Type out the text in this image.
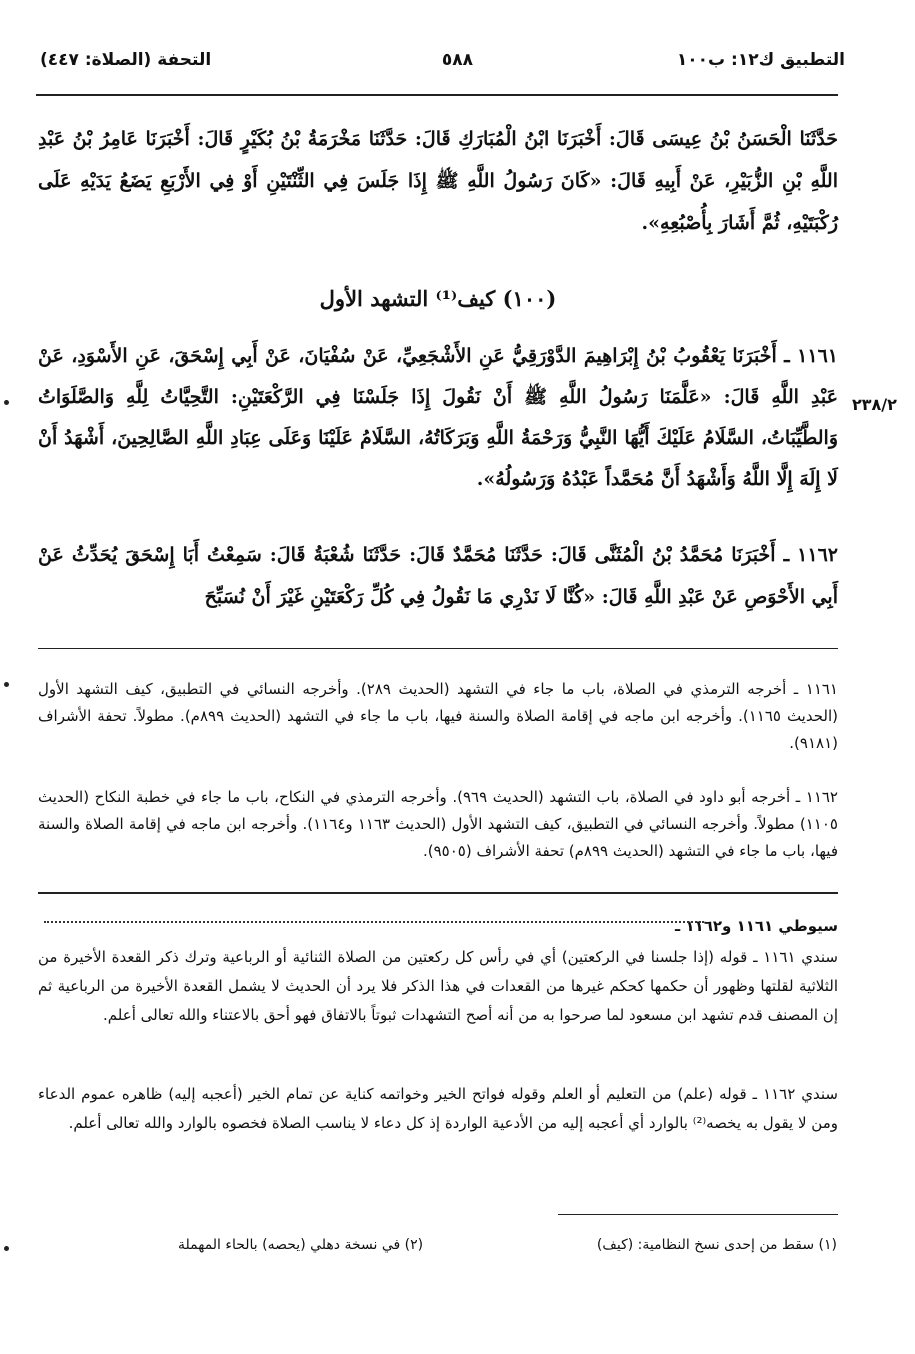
التطبيق ك١٢: ب١٠٠
٥٨٨
التحفة (الصلاة: ٤٤٧)

حَدَّثَنَا الْحَسَنُ بْنُ عِيسَى قَالَ: أَخْبَرَنَا ابْنُ الْمُبَارَكِ قَالَ: حَدَّثَنَا مَخْرَمَةُ بْنُ بُكَيْرٍ قَالَ: أَخْبَرَنَا عَامِرُ بْنُ عَبْدِ اللَّهِ بْنِ الزُّبَيْرِ، عَنْ أَبِيهِ قَالَ: «كَانَ رَسُولُ اللَّهِ ﷺ إِذَا جَلَسَ فِي الثِّنْتَيْنِ أَوْ فِي الأَرْبَعِ يَضَعُ يَدَيْهِ عَلَى رُكْبَتَيْهِ، ثُمَّ أَشَارَ بِأُصْبُعِهِ».

(١٠٠) كيف⁽¹⁾ التشهد الأول

١١٦١ ـ أَخْبَرَنَا يَعْقُوبُ بْنُ إِبْرَاهِيمَ الدَّوْرَقِيُّ عَنِ الأَشْجَعِيِّ، عَنْ سُفْيَانَ، عَنْ أَبِي إِسْحَقَ، عَنِ الأَسْوَدِ، عَنْ عَبْدِ اللَّهِ قَالَ: «عَلَّمَنَا رَسُولُ اللَّهِ ﷺ أَنْ نَقُولَ إِذَا جَلَسْنَا فِي الرَّكْعَتَيْنِ: التَّحِيَّاتُ لِلَّهِ وَالصَّلَوَاتُ وَالطَّيِّبَاتُ، السَّلَامُ عَلَيْكَ أَيُّهَا النَّبِيُّ وَرَحْمَةُ اللَّهِ وَبَرَكَاتُهُ، السَّلَامُ عَلَيْنَا وَعَلَى عِبَادِ اللَّهِ الصَّالِحِينَ، أَشْهَدُ أَنْ لَا إِلَهَ إِلَّا اللَّهُ وَأَشْهَدُ أَنَّ مُحَمَّداً عَبْدُهُ وَرَسُولُهُ».

٢٣٨/٢

١١٦٢ ـ أَخْبَرَنَا مُحَمَّدُ بْنُ الْمُثَنَّى قَالَ: حَدَّثَنَا مُحَمَّدٌ قَالَ: حَدَّثَنَا شُعْبَةُ قَالَ: سَمِعْتُ أَبَا إِسْحَقَ يُحَدِّثُ عَنْ أَبِي الأَحْوَصِ عَنْ عَبْدِ اللَّهِ قَالَ: «كُنَّا لَا نَدْرِي مَا نَقُولُ فِي كُلِّ رَكْعَتَيْنِ غَيْرَ أَنْ نُسَبِّحَ

١١٦١ ـ أخرجه الترمذي في الصلاة، باب ما جاء في التشهد (الحديث ٢٨٩). وأخرجه النسائي في التطبيق، كيف التشهد الأول (الحديث ١١٦٥). وأخرجه ابن ماجه في إقامة الصلاة والسنة فيها، باب ما جاء في التشهد (الحديث ٨٩٩م). مطولاً. تحفة الأشراف (٩١٨١).

١١٦٢ ـ أخرجه أبو داود في الصلاة، باب التشهد (الحديث ٩٦٩). وأخرجه الترمذي في النكاح، باب ما جاء في خطبة النكاح (الحديث ١١٠٥) مطولاً. وأخرجه النسائي في التطبيق، كيف التشهد الأول (الحديث ١١٦٣ و١١٦٤). وأخرجه ابن ماجه في إقامة الصلاة والسنة فيها، باب ما جاء في التشهد (الحديث ٨٩٩م) تحفة الأشراف (٩٥٠٥).

سيوطي ١١٦١ و١١٦٢ ـ

سندي ١١٦١ ـ قوله (إذا جلسنا في الركعتين) أي في رأس كل ركعتين من الصلاة الثنائية أو الرباعية وترك ذكر القعدة الأخيرة من الثلاثية لقلتها وظهور أن حكمها كحكم غيرها من القعدات في هذا الذكر فلا يرد أن الحديث لا يشمل القعدة الأخيرة من الرباعية ثم إن المصنف قدم تشهد ابن مسعود لما صرحوا به من أنه أصح التشهدات ثبوتاً بالاتفاق فهو أحق بالاعتناء والله تعالى أعلم.

سندي ١١٦٢ ـ قوله (علم) من التعليم أو العلم وقوله فواتح الخير وخواتمه كناية عن تمام الخير (أعجبه إليه) ظاهره عموم الدعاء ومن لا يقول به يخصه⁽²⁾ بالوارد أي أعجبه إليه من الأدعية الواردة إذ كل دعاء لا يناسب الصلاة فخصوه بالوارد والله تعالى أعلم.

(١) سقط من إحدى نسخ النظامية: (كيف)
(٢) في نسخة دهلي (يحصه) بالحاء المهملة
